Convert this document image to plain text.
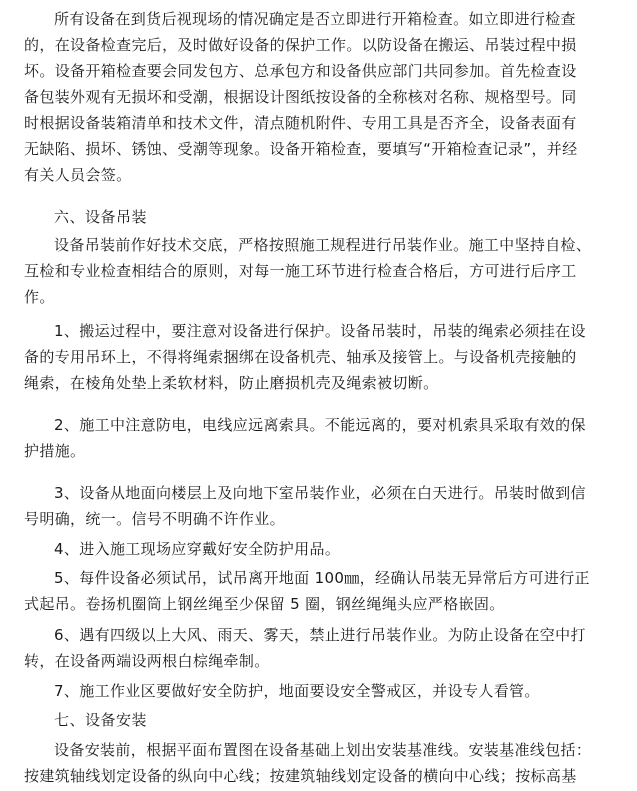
所有设备在到货后视现场的情况确定是否立即进行开箱检查。如立即进行检查
的，在设备检查完后，及时做好设备的保护工作。以防设备在搬运、吊装过程中损
坏。设备开箱检查要会同发包方、总承包方和设备供应部门共同参加。首先检查设
备包装外观有无损坏和受潮，根据设计图纸按设备的全称核对名称、规格型号。同
时根据设备装箱清单和技术文件，清点随机附件、专用工具是否齐全，设备表面有
无缺陷、损坏、锈蚀、受潮等现象。设备开箱检查，要填写“开箱检查记录”，并经
有关人员会签。
六、设备吊装
设备吊装前作好技术交底，严格按照施工规程进行吊装作业。施工中坚持自检、
互检和专业检查相结合的原则，对每一施工环节进行检查合格后，方可进行后序工
作。
1、搬运过程中，要注意对设备进行保护。设备吊装时，吊装的绳索必须挂在设
备的专用吊环上，不得将绳索捆绑在设备机壳、轴承及接管上。与设备机壳接触的
绳索，在棱角处垫上柔软材料，防止磨损机壳及绳索被切断。
2、施工中注意防电，电线应远离索具。不能远离的，要对机索具采取有效的保
护措施。
3、设备从地面向楼层上及向地下室吊装作业，必须在白天进行。吊装时做到信
号明确，统一。信号不明确不许作业。
4、进入施工现场应穿戴好安全防护用品。
5、每件设备必须试吊，试吊离开地面 100㎜，经确认吊装无异常后方可进行正
式起吊。卷扬机圈筒上钢丝绳至少保留 5 圈，钢丝绳绳头应严格嵌固。
6、遇有四级以上大风、雨天、雾天，禁止进行吊装作业。为防止设备在空中打
转，在设备两端设两根白棕绳牵制。
7、施工作业区要做好安全防护，地面要设安全警戒区，并设专人看管。
七、设备安装
设备安装前，根据平面布置图在设备基础上划出安装基准线。安装基准线包括：
按建筑轴线划定设备的纵向中心线；按建筑轴线划定设备的横向中心线；按标高基
